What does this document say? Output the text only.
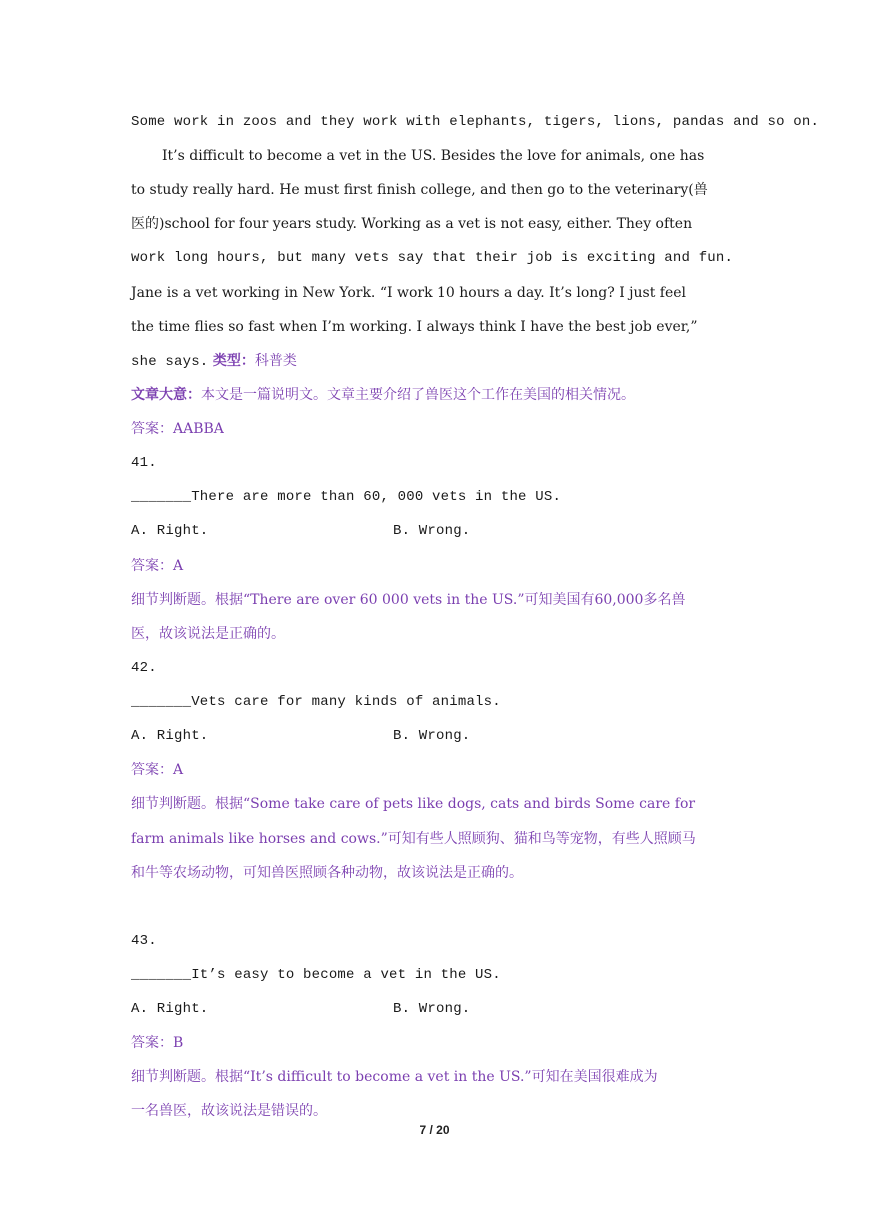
Some work in zoos and they work with elephants, tigers, lions, pandas and so on.
It’s difficult to become a vet in the US. Besides the love for animals, one has
to study really hard. He must first finish college, and then go to the veterinary(兽
医的)school for four years study. Working as a vet is not easy, either. They often
work long hours, but many vets say that their job is exciting and fun.
Jane is a vet working in New York. “I work 10 hours a day. It’s long? I just feel
the time flies so fast when I’m working. I always think I have the best job ever,”
she says. 类型：科普类
文章大意：本文是一篇说明文。文章主要介绍了兽医这个工作在美国的相关情况。
答案：AABBA
41.
_______There are more than 60, 000 vets in the US.
A. Right.	B. Wrong.
答案：A
细节判断题。根据“There are over 60 000 vets in the US.”可知美国有60,000多名兽
医，故该说法是正确的。
42.
_______Vets care for many kinds of animals.
A. Right.	B. Wrong.
答案：A
细节判断题。根据“Some take care of pets like dogs, cats and birds Some care for
farm animals like horses and cows.”可知有些人照顾狗、猫和鸟等宠物，有些人照顾马
和牛等农场动物，可知兽医照顾各种动物，故该说法是正确的。
43.
_______It’s easy to become a vet in the US.
A. Right.	B. Wrong.
答案：B
细节判断题。根据“It’s difficult to become a vet in the US.”可知在美国很难成为
一名兽医，故该说法是错误的。
7 / 20
